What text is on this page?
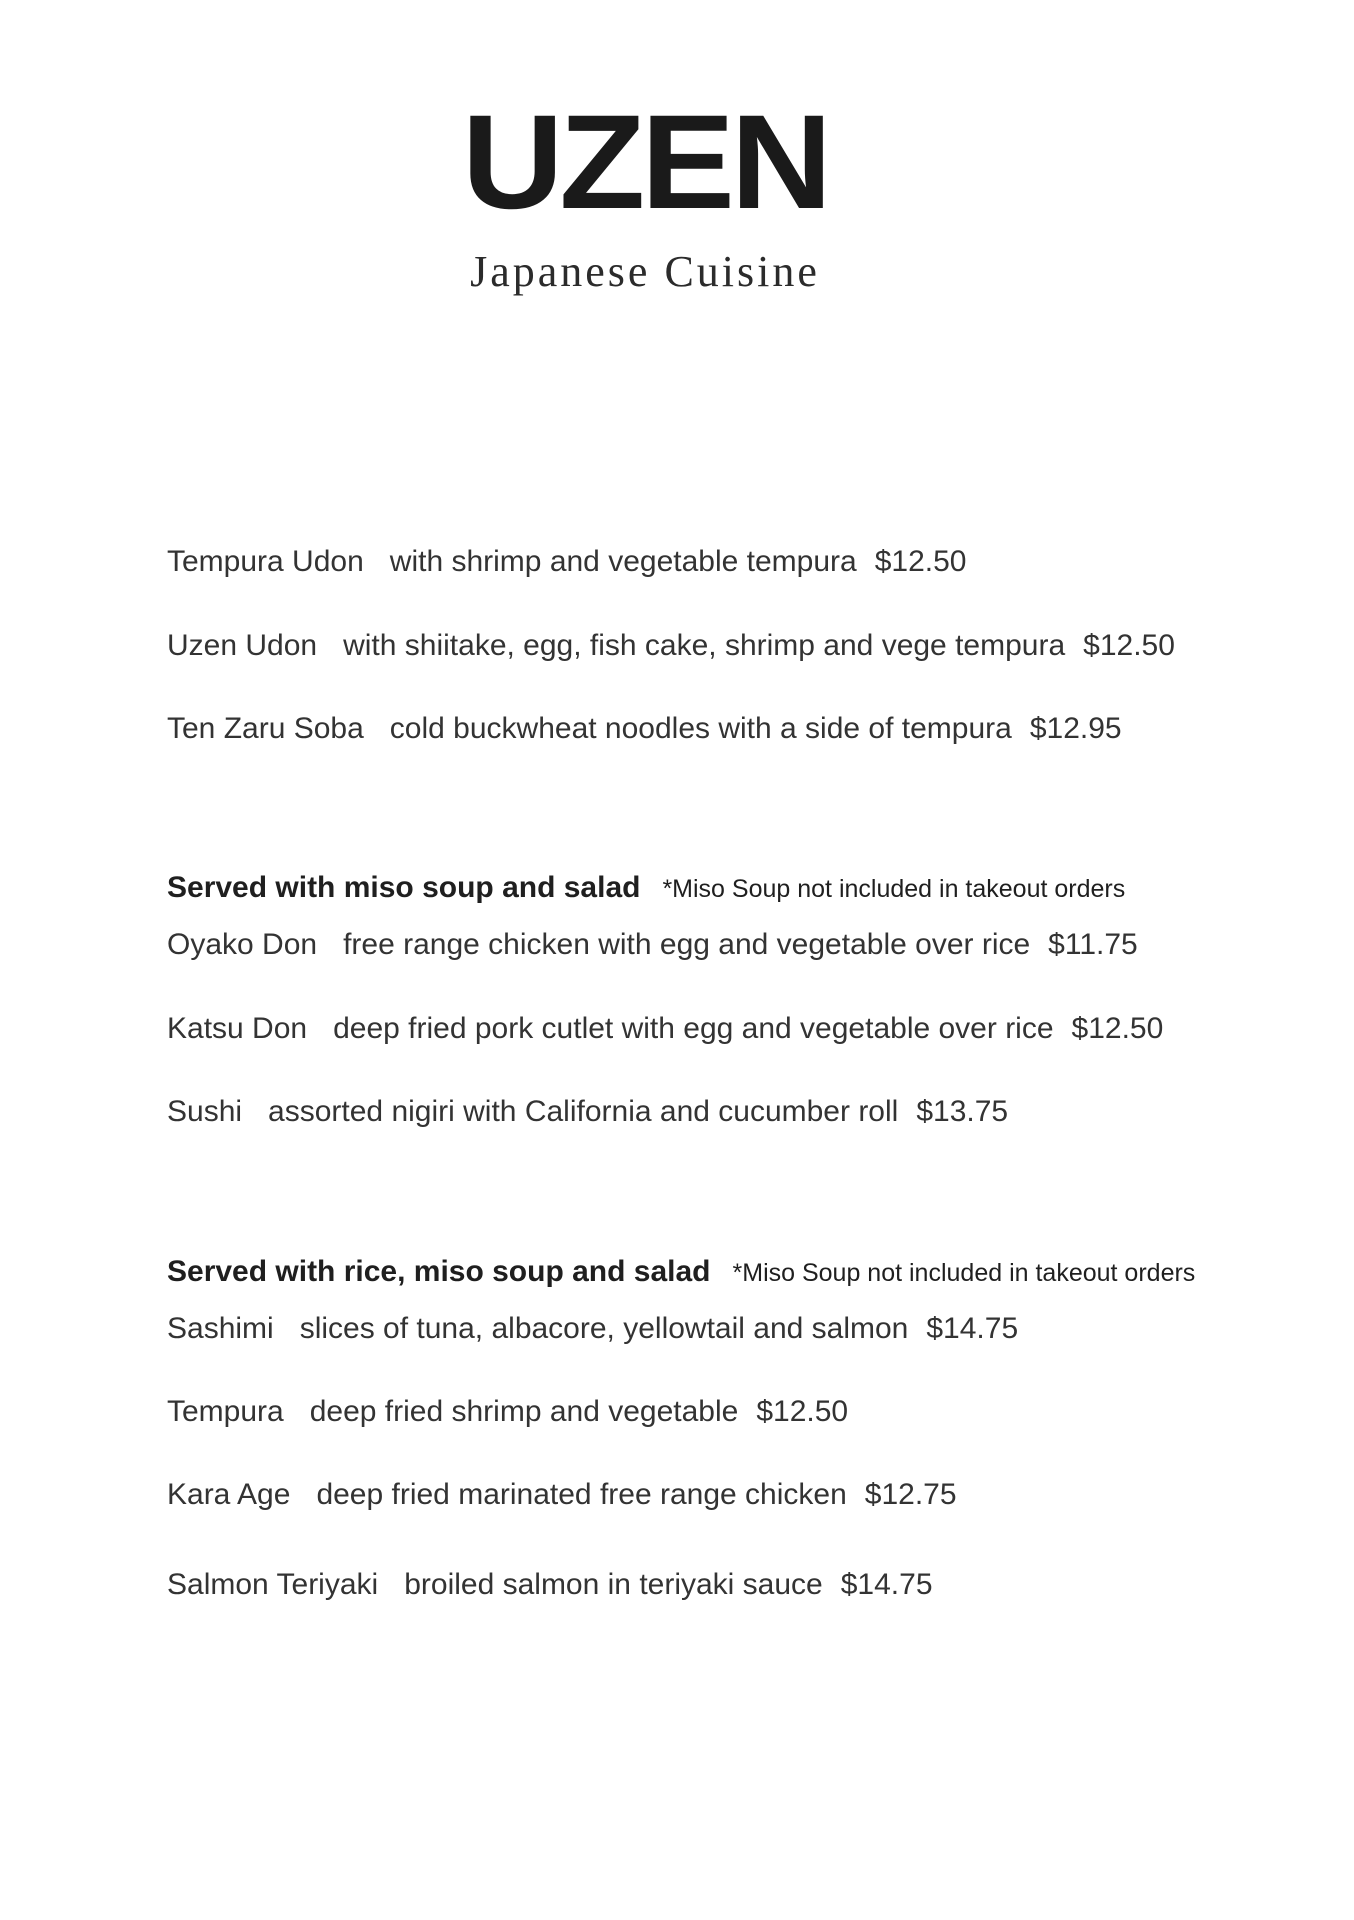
UZEN
Japanese Cuisine
Tempura Udon with shrimp and vegetable tempura $12.50
Uzen Udon with shiitake, egg, fish cake, shrimp and vege tempura $12.50
Ten Zaru Soba cold buckwheat noodles with a side of tempura $12.95
Served with miso soup and salad *Miso Soup not included in takeout orders
Oyako Don free range chicken with egg and vegetable over rice $11.75
Katsu Don deep fried pork cutlet with egg and vegetable over rice $12.50
Sushi assorted nigiri with California and cucumber roll $13.75
Served with rice, miso soup and salad *Miso Soup not included in takeout orders
Sashimi slices of tuna, albacore, yellowtail and salmon $14.75
Tempura deep fried shrimp and vegetable $12.50
Kara Age deep fried marinated free range chicken $12.75
Salmon Teriyaki broiled salmon in teriyaki sauce $14.75
